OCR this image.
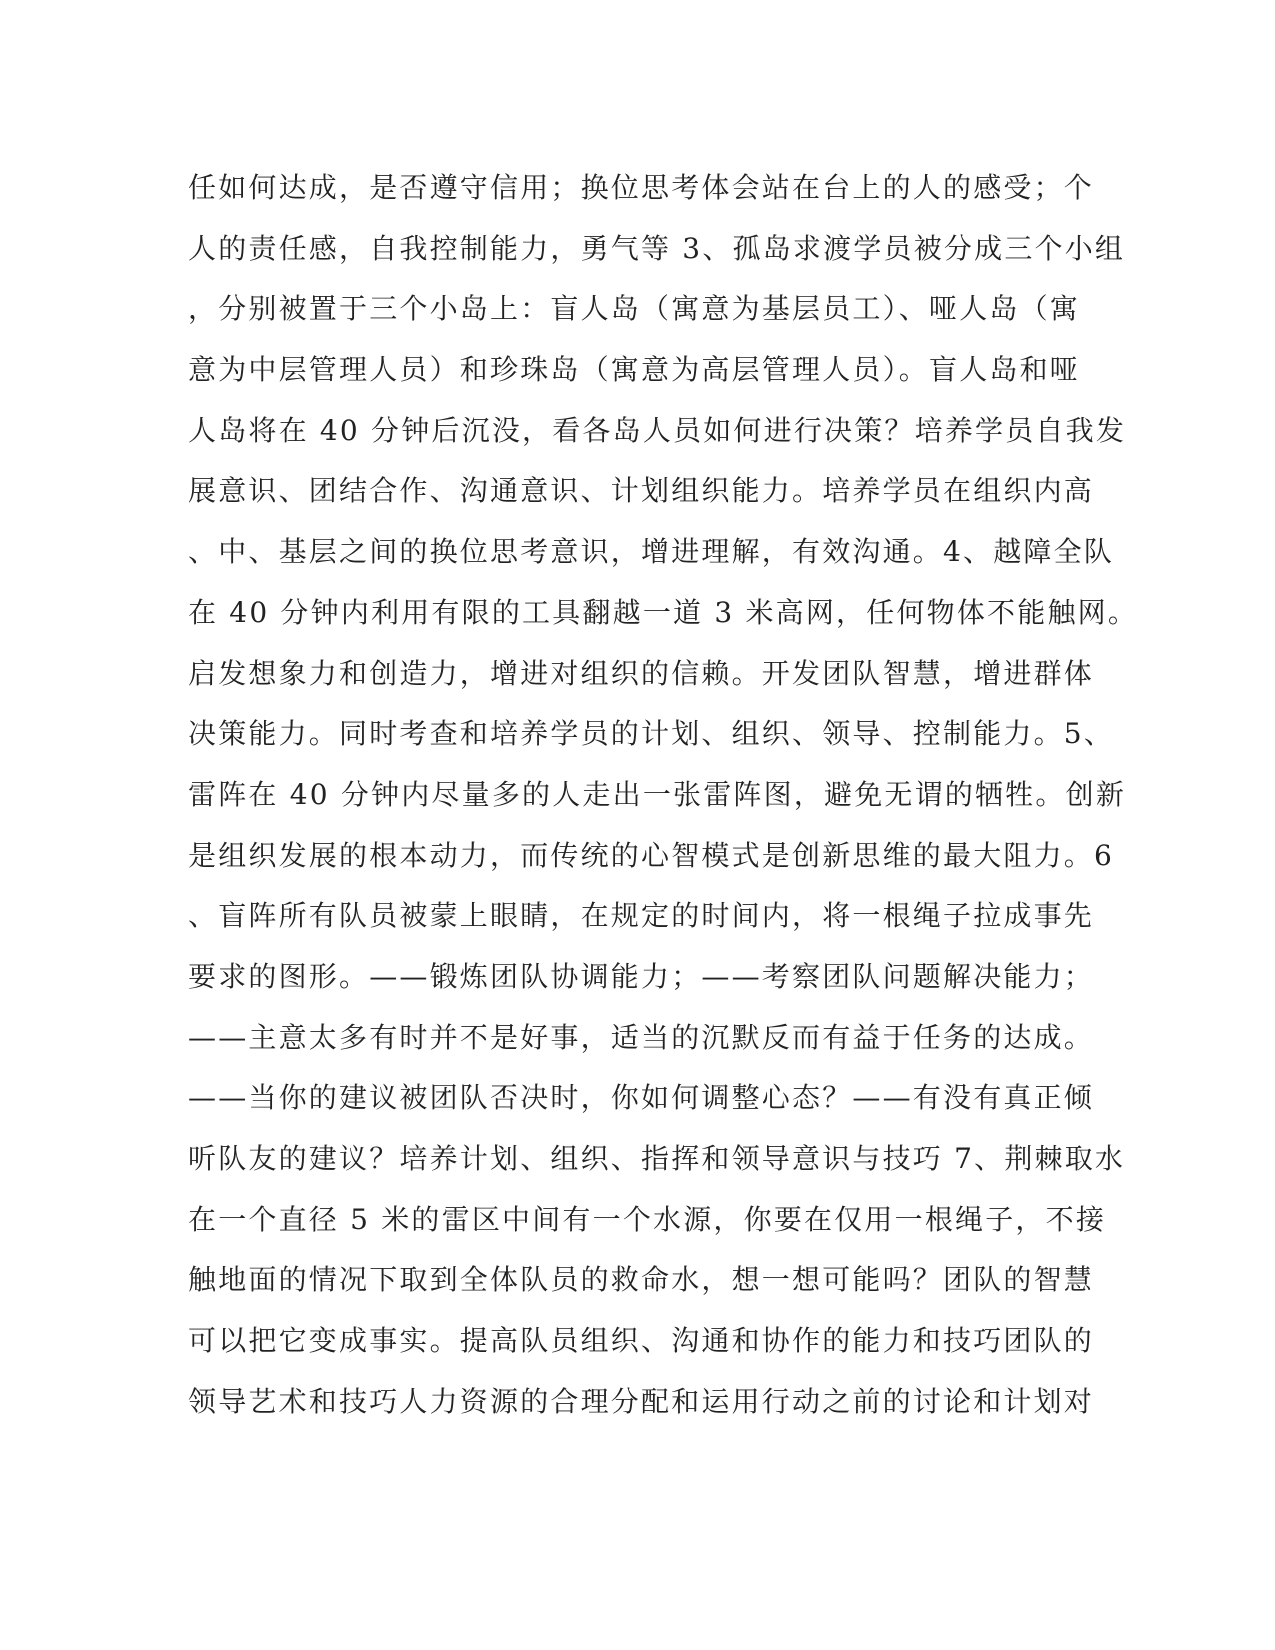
任如何达成，是否遵守信用；换位思考体会站在台上的人的感受；个
人的责任感，自我控制能力，勇气等 3、孤岛求渡学员被分成三个小组
，分别被置于三个小岛上：盲人岛（寓意为基层员工）、哑人岛（寓
意为中层管理人员）和珍珠岛（寓意为高层管理人员）。盲人岛和哑
人岛将在 40 分钟后沉没，看各岛人员如何进行决策？培养学员自我发
展意识、团结合作、沟通意识、计划组织能力。培养学员在组织内高
、中、基层之间的换位思考意识，增进理解，有效沟通。4、越障全队
在 40 分钟内利用有限的工具翻越一道 3 米高网，任何物体不能触网。
启发想象力和创造力，增进对组织的信赖。开发团队智慧，增进群体
决策能力。同时考查和培养学员的计划、组织、领导、控制能力。5、
雷阵在 40 分钟内尽量多的人走出一张雷阵图，避免无谓的牺牲。创新
是组织发展的根本动力，而传统的心智模式是创新思维的最大阻力。6
、盲阵所有队员被蒙上眼睛，在规定的时间内，将一根绳子拉成事先
要求的图形。——锻炼团队协调能力；——考察团队问题解决能力；
——主意太多有时并不是好事，适当的沉默反而有益于任务的达成。
——当你的建议被团队否决时，你如何调整心态？——有没有真正倾
听队友的建议？培养计划、组织、指挥和领导意识与技巧 7、荆棘取水
在一个直径 5 米的雷区中间有一个水源，你要在仅用一根绳子，不接
触地面的情况下取到全体队员的救命水，想一想可能吗？团队的智慧
可以把它变成事实。提高队员组织、沟通和协作的能力和技巧团队的
领导艺术和技巧人力资源的合理分配和运用行动之前的讨论和计划对
